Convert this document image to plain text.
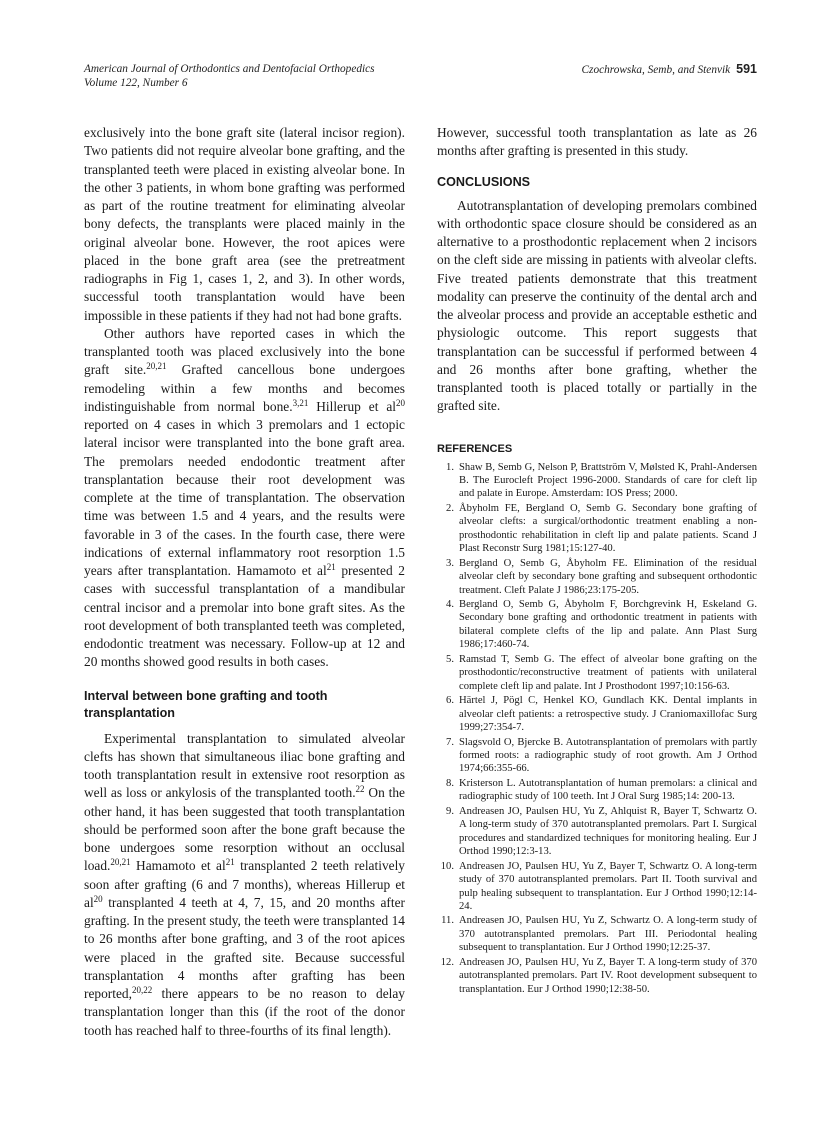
American Journal of Orthodontics and Dentofacial Orthopedics
Volume 122, Number 6
Czochrowska, Semb, and Stenvik 591

exclusively into the bone graft site (lateral incisor region). Two patients did not require alveolar bone grafting, and the transplanted teeth were placed in existing alveolar bone. In the other 3 patients, in whom bone grafting was performed as part of the routine treatment for eliminating alveolar bony defects, the transplants were placed mainly in the original alveolar bone. However, the root apices were placed in the bone graft area (see the pretreatment radiographs in Fig 1, cases 1, 2, and 3). In other words, successful tooth transplantation would have been impossible in these patients if they had not had bone grafts.

Other authors have reported cases in which the transplanted tooth was placed exclusively into the bone graft site.$^{20,21}$ Grafted cancellous bone undergoes remodeling within a few months and becomes indistinguishable from normal bone.$^{3,21}$ Hillerup et $al^{20}$ reported on 4 cases in which 3 premolars and 1 ectopic lateral incisor were transplanted into the bone graft area. The premolars needed endodontic treatment after transplantation because their root development was complete at the time of transplantation. The observation time was between 1.5 and 4 years, and the results were favorable in 3 of the cases. In the fourth case, there were indications of external inflammatory root resorption 1.5 years after transplantation. Hamamoto et $al^{21}$ presented 2 cases with successful transplantation of a mandibular central incisor and a premolar into bone graft sites. As the root development of both transplanted teeth was completed, endodontic treatment was necessary. Follow-up at 12 and 20 months showed good results in both cases.

Interval between bone grafting and tooth transplantation

Experimental transplantation to simulated alveolar clefts has shown that simultaneous iliac bone grafting and tooth transplantation result in extensive root resorption as well as loss or ankylosis of the transplanted tooth.$^{22}$ On the other hand, it has been suggested that tooth transplantation should be performed soon after the bone graft because the bone undergoes some resorption without an occlusal load.$^{20,21}$ Hamamoto et $al^{21}$ transplanted 2 teeth relatively soon after grafting (6 and 7 months), whereas Hillerup et $al^{20}$ transplanted 4 teeth at 4, 7, 15, and 20 months after grafting. In the present study, the teeth were transplanted 14 to 26 months after bone grafting, and 3 of the root apices were placed in the grafted site. Because successful transplantation 4 months after grafting has been reported,$^{20,22}$ there appears to be no reason to delay transplantation longer than this (if the root of the donor tooth has reached half to three-fourths of its final length).

However, successful tooth transplantation as late as 26 months after grafting is presented in this study.

CONCLUSIONS

Autotransplantation of developing premolars combined with orthodontic space closure should be considered as an alternative to a prosthodontic replacement when 2 incisors on the cleft side are missing in patients with alveolar clefts. Five treated patients demonstrate that this treatment modality can preserve the continuity of the dental arch and the alveolar process and provide an acceptable esthetic and physiologic outcome. This report suggests that transplantation can be successful if performed between 4 and 26 months after bone grafting, whether the transplanted tooth is placed totally or partially in the grafted site.

REFERENCES
1. Shaw B, Semb G, Nelson P, Brattström V, Mølsted K, Prahl-Andersen B. The Eurocleft Project 1996-2000. Standards of care for cleft lip and palate in Europe. Amsterdam: IOS Press; 2000.
2. Åbyholm FE, Bergland O, Semb G. Secondary bone grafting of alveolar clefts: a surgical/orthodontic treatment enabling a non-prosthodontic rehabilitation in cleft lip and palate patients. Scand J Plast Reconstr Surg 1981;15:127-40.
3. Bergland O, Semb G, Åbyholm FE. Elimination of the residual alveolar cleft by secondary bone grafting and subsequent orthodontic treatment. Cleft Palate J 1986;23:175-205.
4. Bergland O, Semb G, Åbyholm F, Borchgrevink H, Eskeland G. Secondary bone grafting and orthodontic treatment in patients with bilateral complete clefts of the lip and palate. Ann Plast Surg 1986;17:460-74.
5. Ramstad T, Semb G. The effect of alveolar bone grafting on the prosthodontic/reconstructive treatment of patients with unilateral complete cleft lip and palate. Int J Prosthodont 1997;10:156-63.
6. Härtel J, Pögl C, Henkel KO, Gundlach KK. Dental implants in alveolar cleft patients: a retrospective study. J Craniomaxillofac Surg 1999;27:354-7.
7. Slagsvold O, Bjercke B. Autotransplantation of premolars with partly formed roots: a radiographic study of root growth. Am J Orthod 1974;66:355-66.
8. Kristerson L. Autotransplantation of human premolars: a clinical and radiographic study of 100 teeth. Int J Oral Surg 1985;14: 200-13.
9. Andreasen JO, Paulsen HU, Yu Z, Ahlquist R, Bayer T, Schwartz O. A long-term study of 370 autotransplanted premolars. Part I. Surgical procedures and standardized techniques for monitoring healing. Eur J Orthod 1990;12:3-13.
10. Andreasen JO, Paulsen HU, Yu Z, Bayer T, Schwartz O. A long-term study of 370 autotransplanted premolars. Part II. Tooth survival and pulp healing subsequent to transplantation. Eur J Orthod 1990;12:14-24.
11. Andreasen JO, Paulsen HU, Yu Z, Schwartz O. A long-term study of 370 autotransplanted premolars. Part III. Periodontal healing subsequent to transplantation. Eur J Orthod 1990;12:25-37.
12. Andreasen JO, Paulsen HU, Yu Z, Bayer T. A long-term study of 370 autotransplanted premolars. Part IV. Root development subsequent to transplantation. Eur J Orthod 1990;12:38-50.
